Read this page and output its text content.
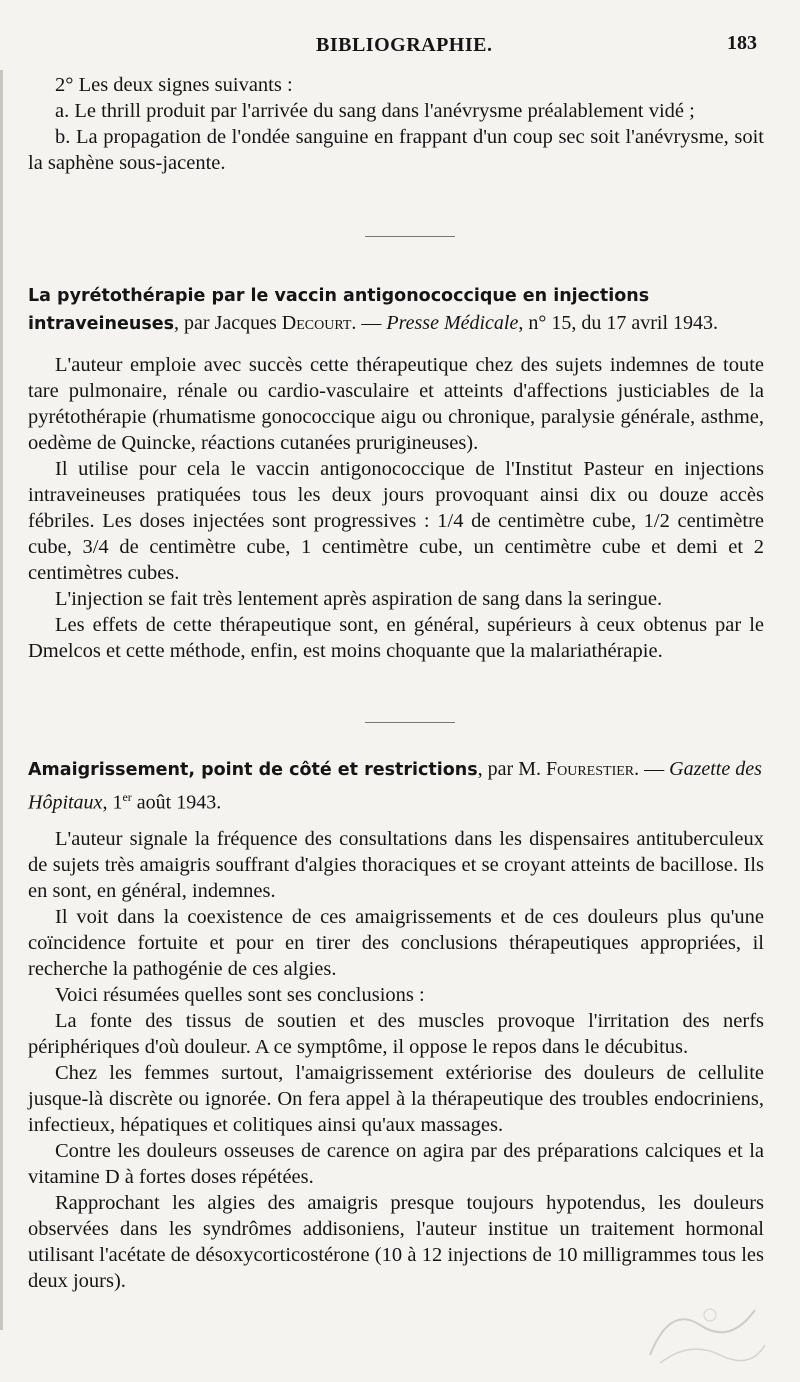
BIBLIOGRAPHIE.	183

2° Les deux signes suivants :

a. Le thrill produit par l'arrivée du sang dans l'anévrysme préalablement vidé ;

b. La propagation de l'ondée sanguine en frappant d'un coup sec soit l'anévrysme, soit la saphène sous-jacente.

La pyrétothérapie par le vaccin antigonococcique en injections intraveineuses, par Jacques Decourt. — Presse Médicale, n° 15, du 17 avril 1943.

L'auteur emploie avec succès cette thérapeutique chez des sujets indemnes de toute tare pulmonaire, rénale ou cardio-vasculaire et atteints d'affections justiciables de la pyrétothérapie (rhumatisme gonococcique aigu ou chronique, paralysie générale, asthme, oedème de Quincke, réactions cutanées prurigineuses).

Il utilise pour cela le vaccin antigonococcique de l'Institut Pasteur en injections intraveineuses pratiquées tous les deux jours provoquant ainsi dix ou douze accès fébriles. Les doses injectées sont progressives : 1/4 de centimètre cube, 1/2 centimètre cube, 3/4 de centimètre cube, 1 centimètre cube, un centimètre cube et demi et 2 centimètres cubes.

L'injection se fait très lentement après aspiration de sang dans la seringue.

Les effets de cette thérapeutique sont, en général, supérieurs à ceux obtenus par le Dmelcos et cette méthode, enfin, est moins choquante que la malariathérapie.

Amaigrissement, point de côté et restrictions, par M. Fourestier. — Gazette des Hôpitaux, 1er août 1943.

L'auteur signale la fréquence des consultations dans les dispensaires antituberculeux de sujets très amaigris souffrant d'algies thoraciques et se croyant atteints de bacillose. Ils en sont, en général, indemnes.

Il voit dans la coexistence de ces amaigrissements et de ces douleurs plus qu'une coïncidence fortuite et pour en tirer des conclusions thérapeutiques appropriées, il recherche la pathogénie de ces algies.

Voici résumées quelles sont ses conclusions :

La fonte des tissus de soutien et des muscles provoque l'irritation des nerfs périphériques d'où douleur. A ce symptôme, il oppose le repos dans le décubitus.

Chez les femmes surtout, l'amaigrissement extériorise des douleurs de cellulite jusque-là discrète ou ignorée. On fera appel à la thérapeutique des troubles endocriniens, infectieux, hépatiques et colitiques ainsi qu'aux massages.

Contre les douleurs osseuses de carence on agira par des préparations calciques et la vitamine D à fortes doses répétées.

Rapprochant les algies des amaigris presque toujours hypotendus, les douleurs observées dans les syndrômes addisoniens, l'auteur institue un traitement hormonal utilisant l'acétate de désoxycorticostérone (10 à 12 injections de 10 milligrammes tous les deux jours).
